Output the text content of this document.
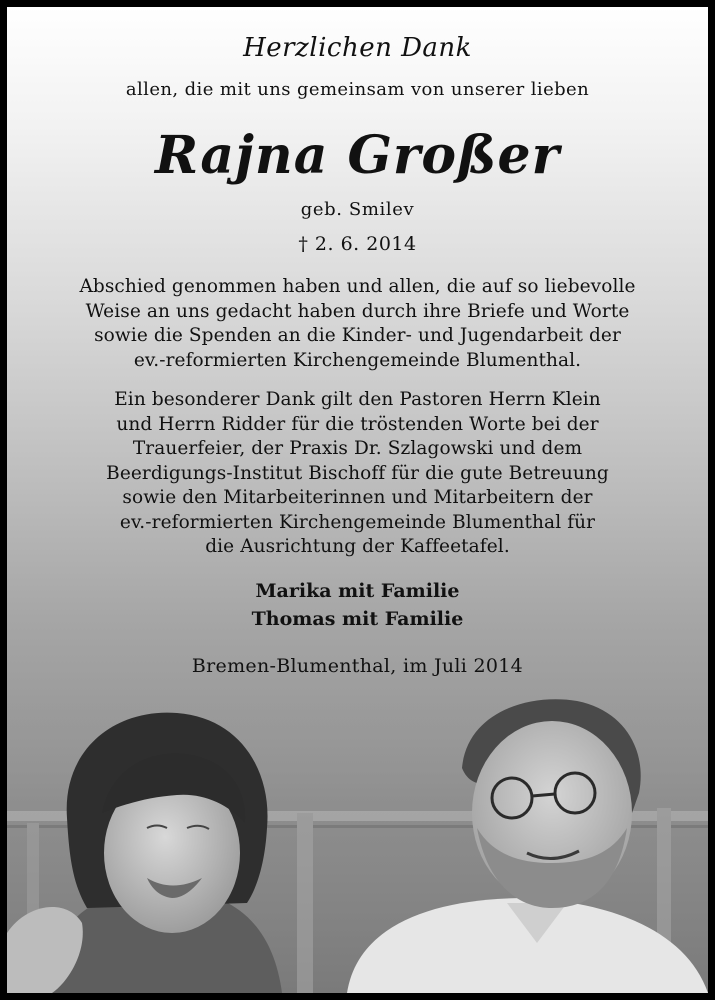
Herzlichen Dank

allen, die mit uns gemeinsam von unserer lieben

Rajna Großer

geb. Smilev

† 2. 6. 2014

Abschied genommen haben und allen, die auf so liebevolle
Weise an uns gedacht haben durch ihre Briefe und Worte
sowie die Spenden an die Kinder- und Jugendarbeit der
ev.-reformierten Kirchengemeinde Blumenthal.
Ein besonderer Dank gilt den Pastoren Herrn Klein
und Herrn Ridder für die tröstenden Worte bei der
Trauerfeier, der Praxis Dr. Szlagowski und dem
Beerdigungs-Institut Bischoff für die gute Betreuung
sowie den Mitarbeiterinnen und Mitarbeitern der
ev.-reformierten Kirchengemeinde Blumenthal für
die Ausrichtung der Kaffeetafel.
Marika mit Familie
Thomas mit Familie

Bremen-Blumenthal, im Juli 2014
